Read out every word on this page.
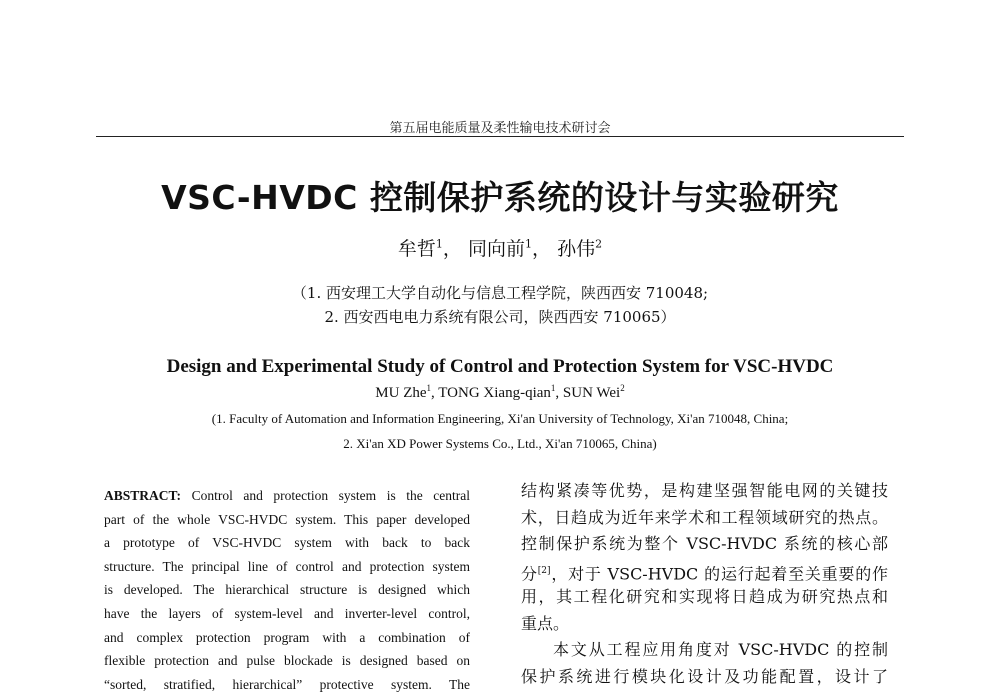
第五届电能质量及柔性输电技术研讨会
VSC-HVDC 控制保护系统的设计与实验研究
牟哲$^1$， 同向前$^1$， 孙伟$^2$
（1. 西安理工大学自动化与信息工程学院，陕西西安 710048;
2. 西安西电电力系统有限公司，陕西西安 710065）
Design and Experimental Study of Control and Protection System for VSC-HVDC
MU Zhe$^1$, TONG Xiang-qian$^1$, SUN Wei$^2$
(1. Faculty of Automation and Information Engineering, Xi'an University of Technology, Xi'an 710048, China;
2. Xi'an XD Power Systems Co., Ltd., Xi'an 710065, China)
ABSTRACT: Control and protection system is the central
part of the whole VSC-HVDC system. This paper developed
a prototype of VSC-HVDC system with back to back
structure. The principal line of control and protection system
is developed. The hierarchical structure is designed which
have the layers of system-level and inverter-level control,
and complex protection program with a combination of
flexible protection and pulse blockade is designed based on
“sorted, stratified, hierarchical” protective system. The
结构紧凑等优势，是构建坚强智能电网的关键技
术，日趋成为近年来学术和工程领域研究的热点。
控制保护系统为整个 VSC-HVDC 系统的核心部
分[2]，对于 VSC-HVDC 的运行起着至关重要的作
用，其工程化研究和实现将日趋成为研究热点和
重点。
本文从工程应用角度对 VSC-HVDC 的控制
保护系统进行模块化设计及功能配置，设计了
